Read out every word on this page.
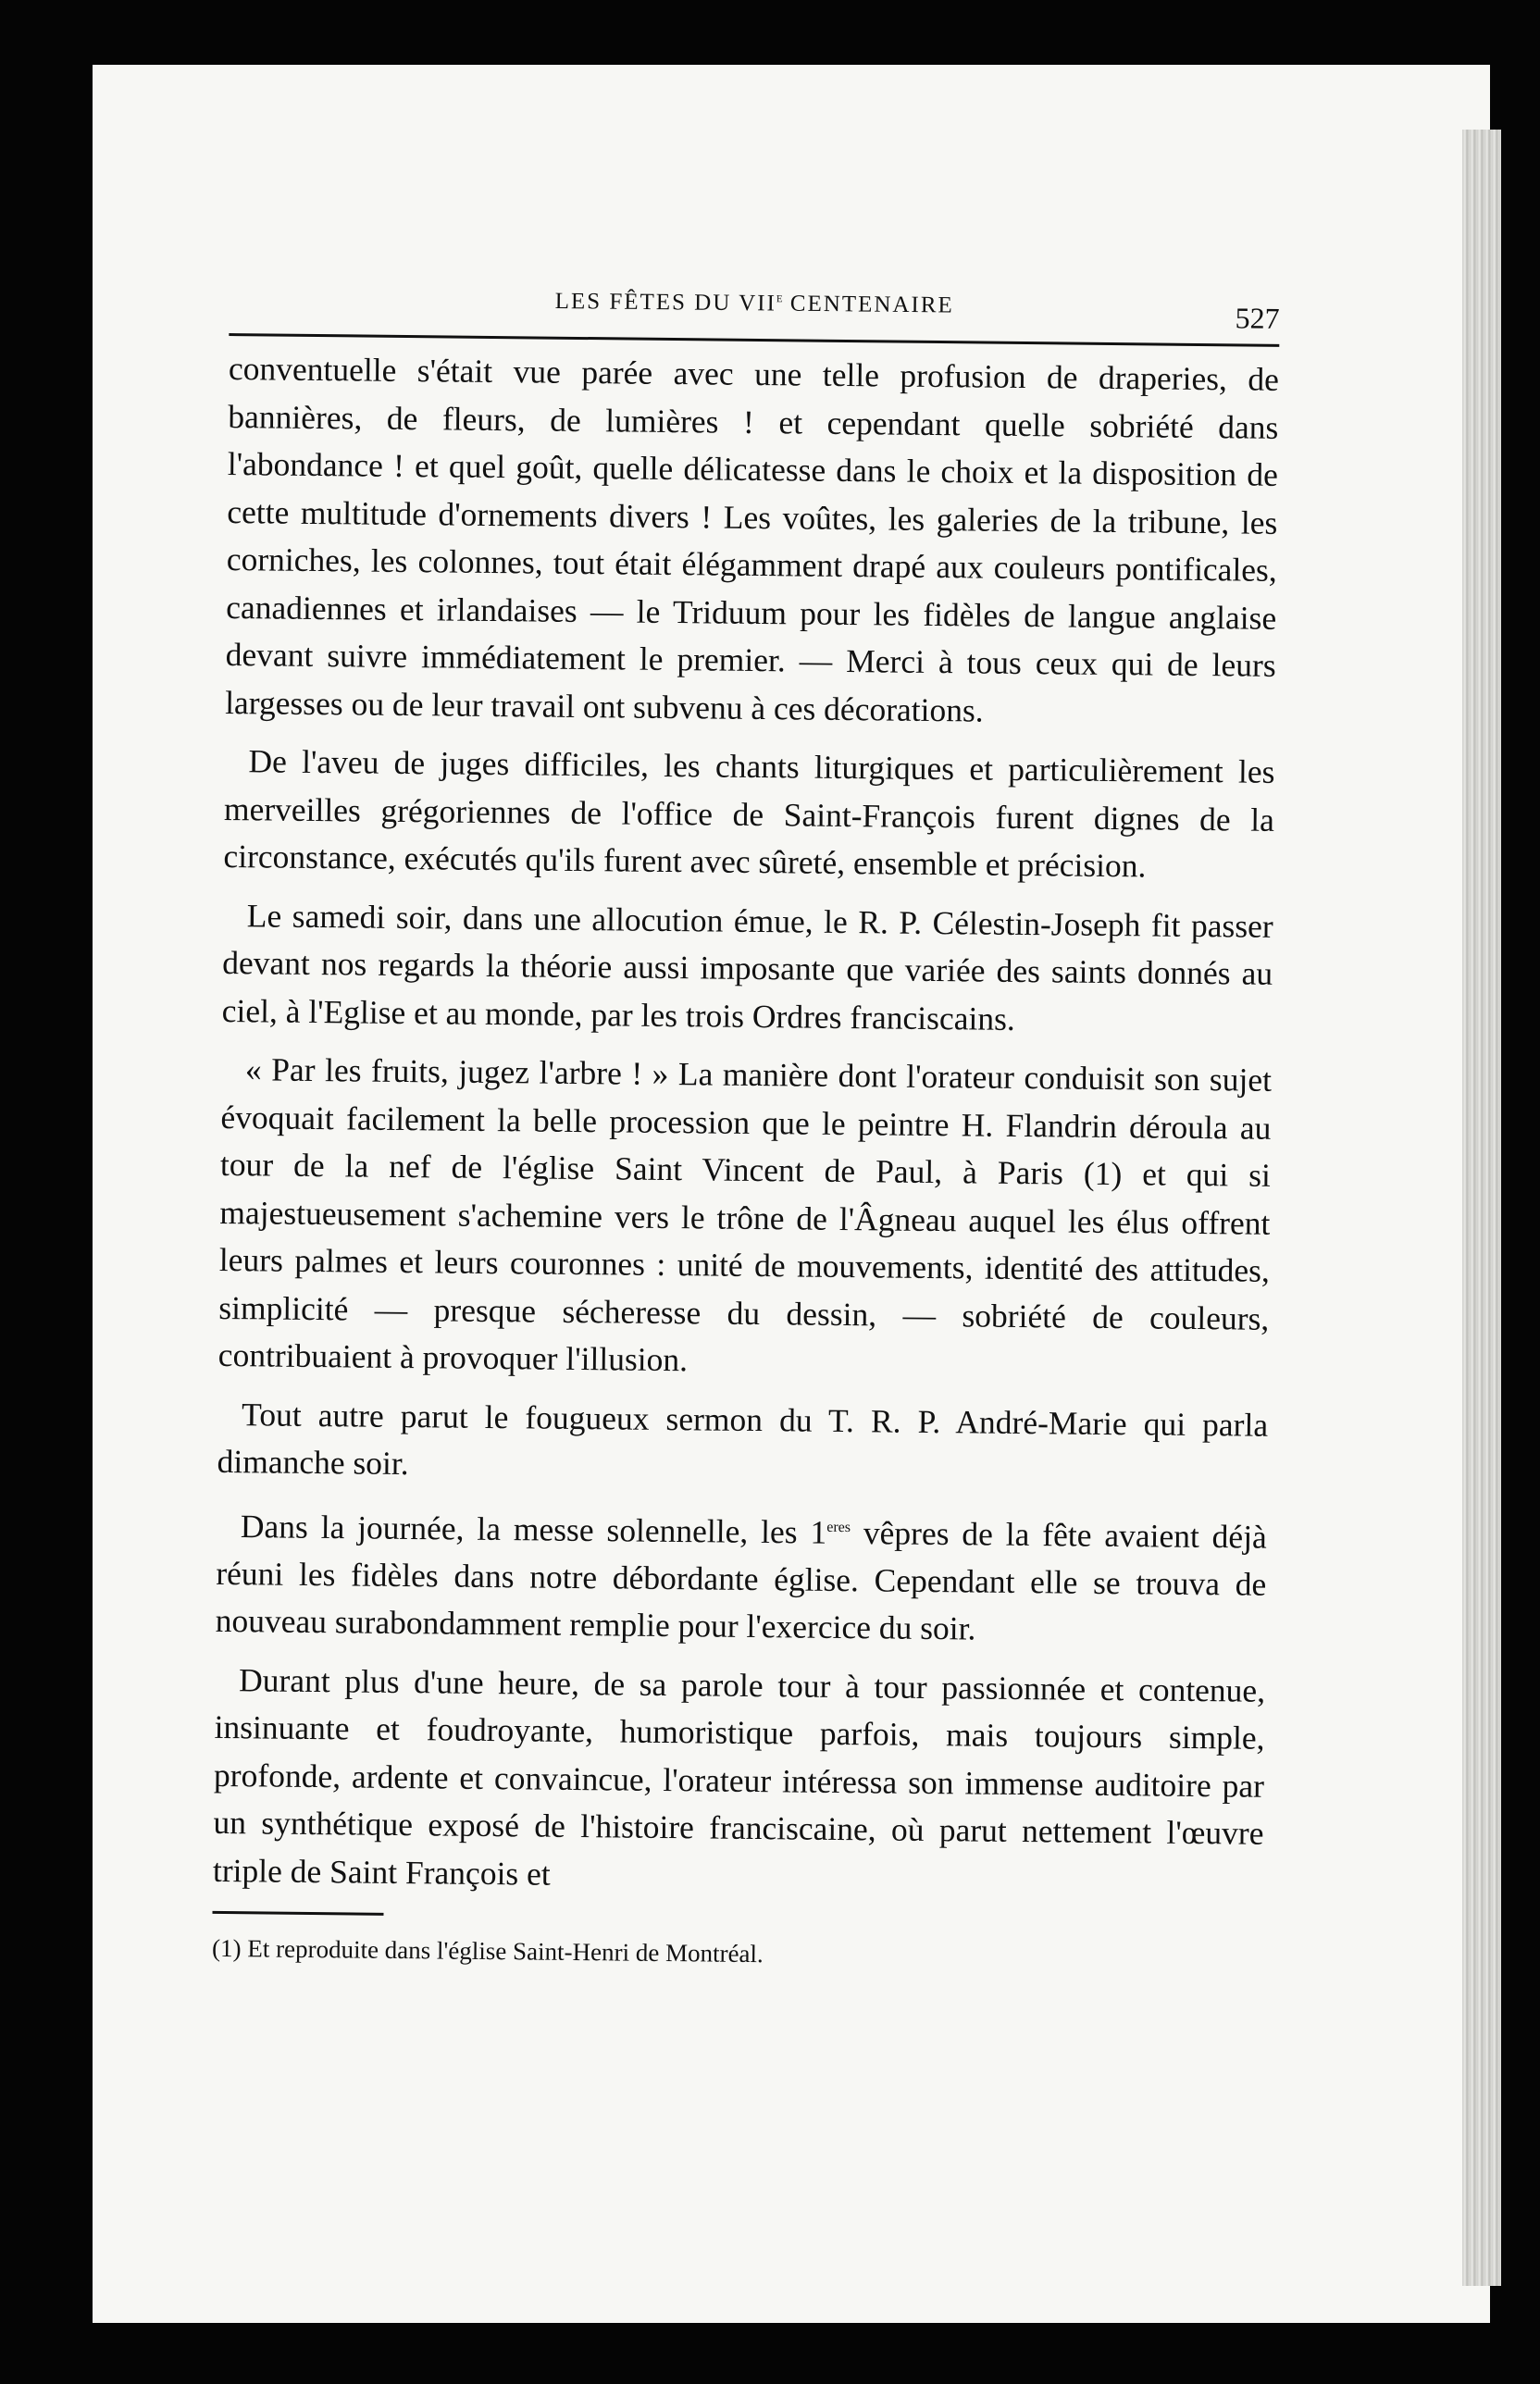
LES FÊTES DU VIIe CENTENAIRE	527

conventuelle s'était vue parée avec une telle profusion de draperies, de bannières, de fleurs, de lumières ! et cependant quelle sobriété dans l'abondance ! et quel goût, quelle délicatesse dans le choix et la disposition de cette multitude d'ornements divers ! Les voûtes, les galeries de la tribune, les corniches, les colonnes, tout était élégamment drapé aux couleurs pontificales, canadiennes et irlandaises — le Triduum pour les fidèles de langue anglaise devant suivre immédiatement le premier. — Merci à tous ceux qui de leurs largesses ou de leur travail ont subvenu à ces décorations.

De l'aveu de juges difficiles, les chants liturgiques et particulièrement les merveilles grégoriennes de l'office de Saint-François furent dignes de la circonstance, exécutés qu'ils furent avec sûreté, ensemble et précision.

Le samedi soir, dans une allocution émue, le R. P. Célestin-Joseph fit passer devant nos regards la théorie aussi imposante que variée des saints donnés au ciel, à l'Eglise et au monde, par les trois Ordres franciscains.

« Par les fruits, jugez l'arbre ! » La manière dont l'orateur conduisit son sujet évoquait facilement la belle procession que le peintre H. Flandrin déroula au tour de la nef de l'église Saint Vincent de Paul, à Paris (1) et qui si majestueusement s'achemine vers le trône de l'Âgneau auquel les élus offrent leurs palmes et leurs couronnes : unité de mouvements, identité des attitudes, simplicité — presque sécheresse du dessin, — sobriété de couleurs, contribuaient à provoquer l'illusion.

Tout autre parut le fougueux sermon du T. R. P. André-Marie qui parla dimanche soir.

Dans la journée, la messe solennelle, les $1^{eres}$ vêpres de la fête avaient déjà réuni les fidèles dans notre débordante église. Cependant elle se trouva de nouveau surabondamment remplie pour l'exercice du soir.

Durant plus d'une heure, de sa parole tour à tour passionnée et contenue, insinuante et foudroyante, humoristique parfois, mais toujours simple, profonde, ardente et convaincue, l'orateur intéressa son immense auditoire par un synthétique exposé de l'histoire franciscaine, où parut nettement l'œuvre triple de Saint François et

(1) Et reproduite dans l'église Saint-Henri de Montréal.
